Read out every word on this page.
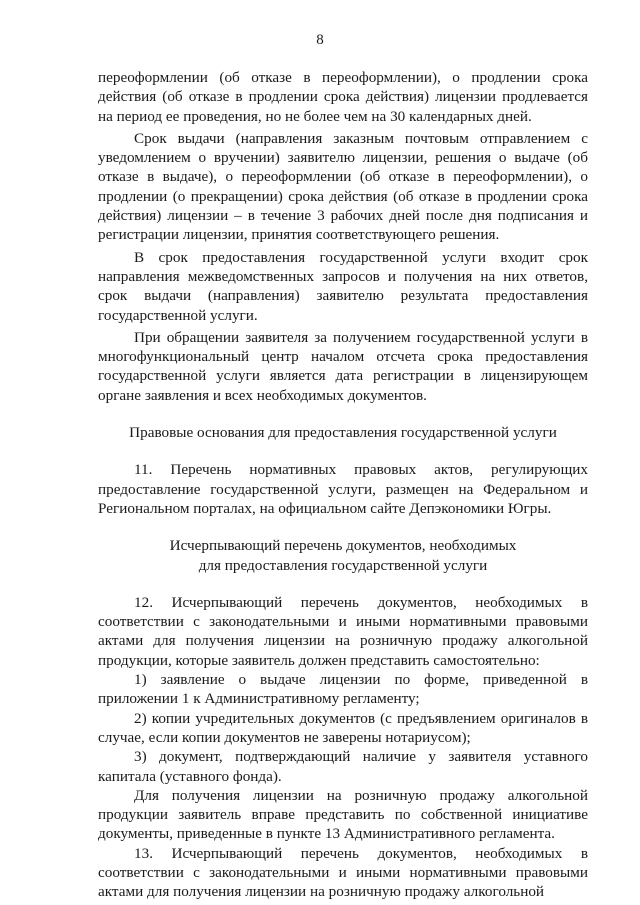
8

переоформлении (об отказе в переоформлении), о продлении срока действия (об отказе в продлении срока действия) лицензии продлевается на период ее проведения, но не более чем на 30 календарных дней.

Срок выдачи (направления заказным почтовым отправлением с уведомлением о вручении) заявителю лицензии, решения о выдаче (об отказе в выдаче), о переоформлении (об отказе в переоформлении), о продлении (о прекращении) срока действия (об отказе в продлении срока действия) лицензии – в течение 3 рабочих дней после дня подписания и регистрации лицензии, принятия соответствующего решения.

В срок предоставления государственной услуги входит срок направления межведомственных запросов и получения на них ответов, срок выдачи (направления) заявителю результата предоставления государственной услуги.

При обращении заявителя за получением государственной услуги в многофункциональный центр началом отсчета срока предоставления государственной услуги является дата регистрации в лицензирующем органе заявления и всех необходимых документов.

Правовые основания для предоставления государственной услуги

11. Перечень нормативных правовых актов, регулирующих предоставление государственной услуги, размещен на Федеральном и Региональном порталах, на официальном сайте Депэкономики Югры.

Исчерпывающий перечень документов, необходимых

для предоставления государственной услуги

12. Исчерпывающий перечень документов, необходимых в соответствии с законодательными и иными нормативными правовыми актами для получения лицензии на розничную продажу алкогольной продукции, которые заявитель должен представить самостоятельно:

1) заявление о выдаче лицензии по форме, приведенной в приложении 1 к Административному регламенту;

2) копии учредительных документов (с предъявлением оригиналов в случае, если копии документов не заверены нотариусом);

3) документ, подтверждающий наличие у заявителя уставного капитала (уставного фонда).

Для получения лицензии на розничную продажу алкогольной продукции заявитель вправе представить по собственной инициативе документы, приведенные в пункте 13 Административного регламента.

13. Исчерпывающий перечень документов, необходимых в соответствии с законодательными и иными нормативными правовыми актами для получения лицензии на розничную продажу алкогольной
